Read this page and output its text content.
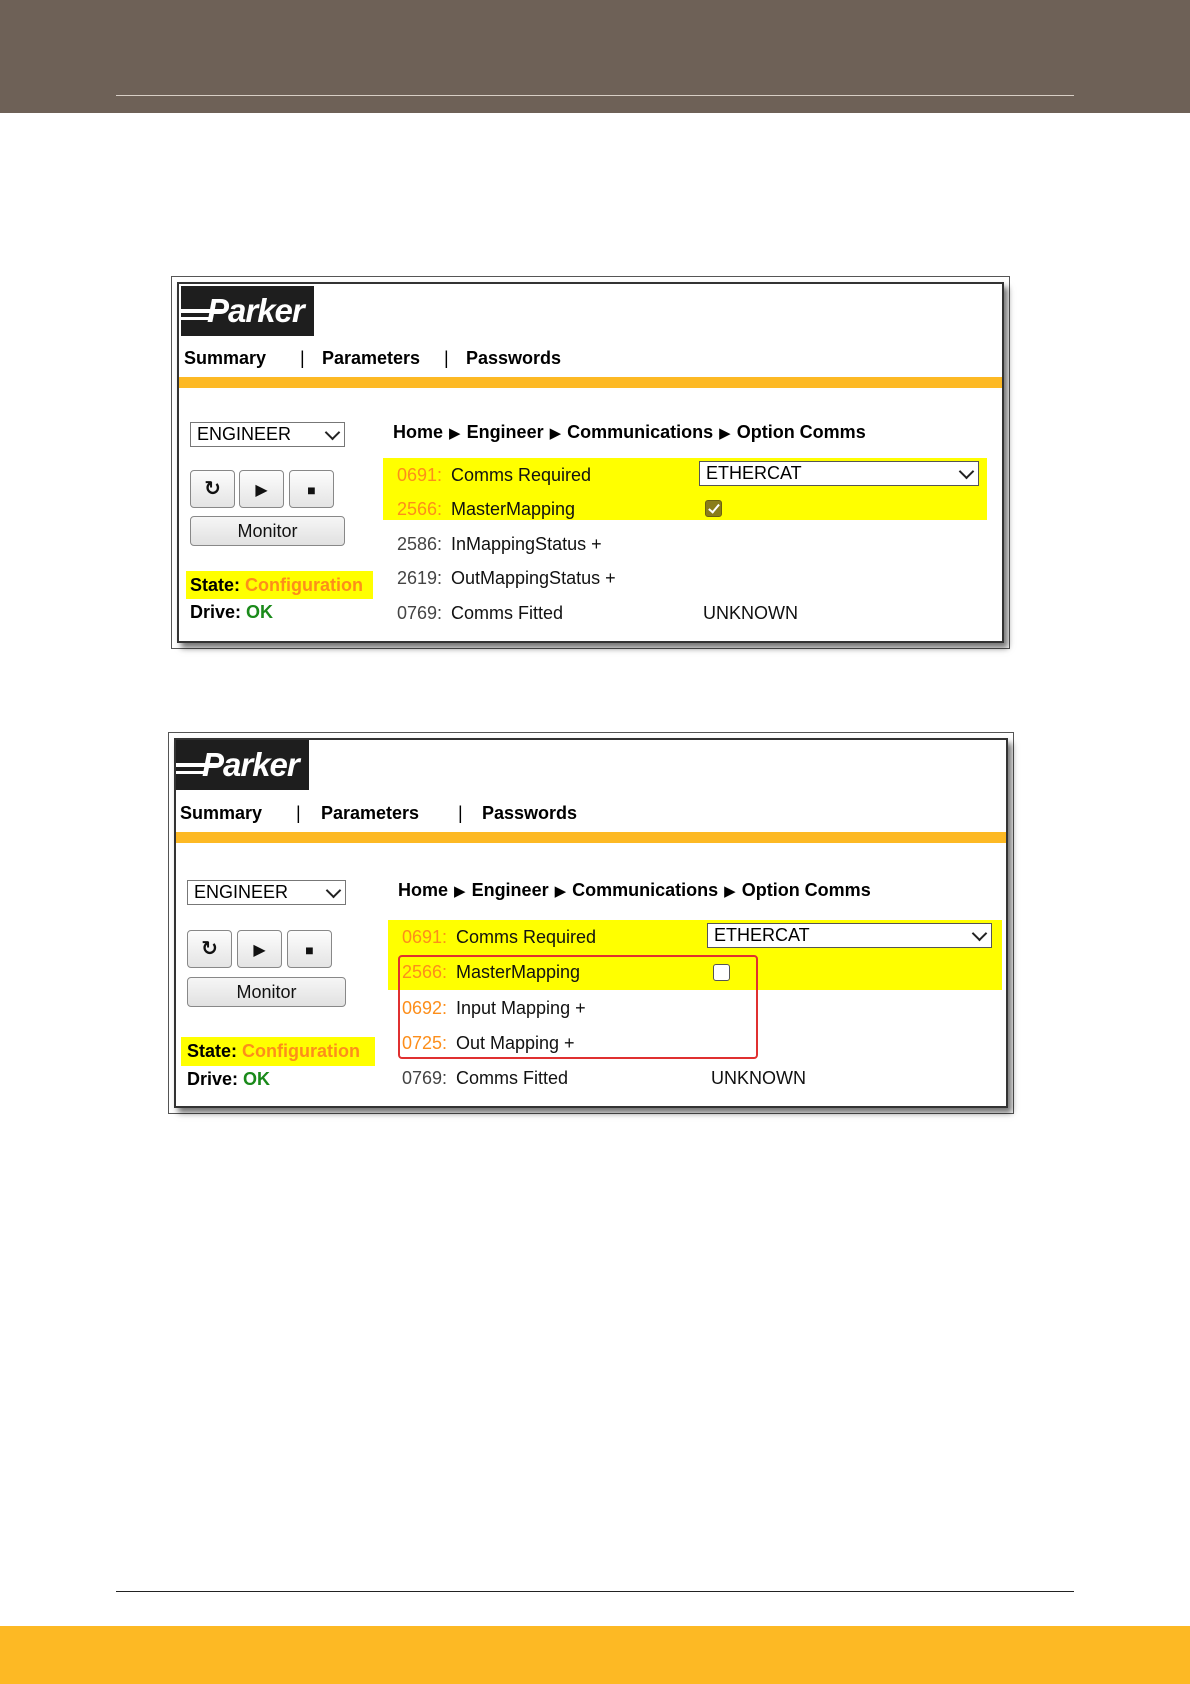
Parker
Summary | Parameters | Passwords
ENGINEER
↻	▶	■
Monitor
State: Configuration
Drive: OK
Home ▶ Engineer ▶ Communications ▶ Option Comms
0691: Comms Required	ETHERCAT
2566: MasterMapping
2586: InMappingStatus +
2619: OutMappingStatus +
0769: Comms Fitted	UNKNOWN
Parker
Summary | Parameters | Passwords
ENGINEER
↻	▶	■
Monitor
State: Configuration
Drive: OK
Home ▶ Engineer ▶ Communications ▶ Option Comms
0691: Comms Required	ETHERCAT
2566: MasterMapping
0692: Input Mapping +
0725: Out Mapping +
0769: Comms Fitted	UNKNOWN
